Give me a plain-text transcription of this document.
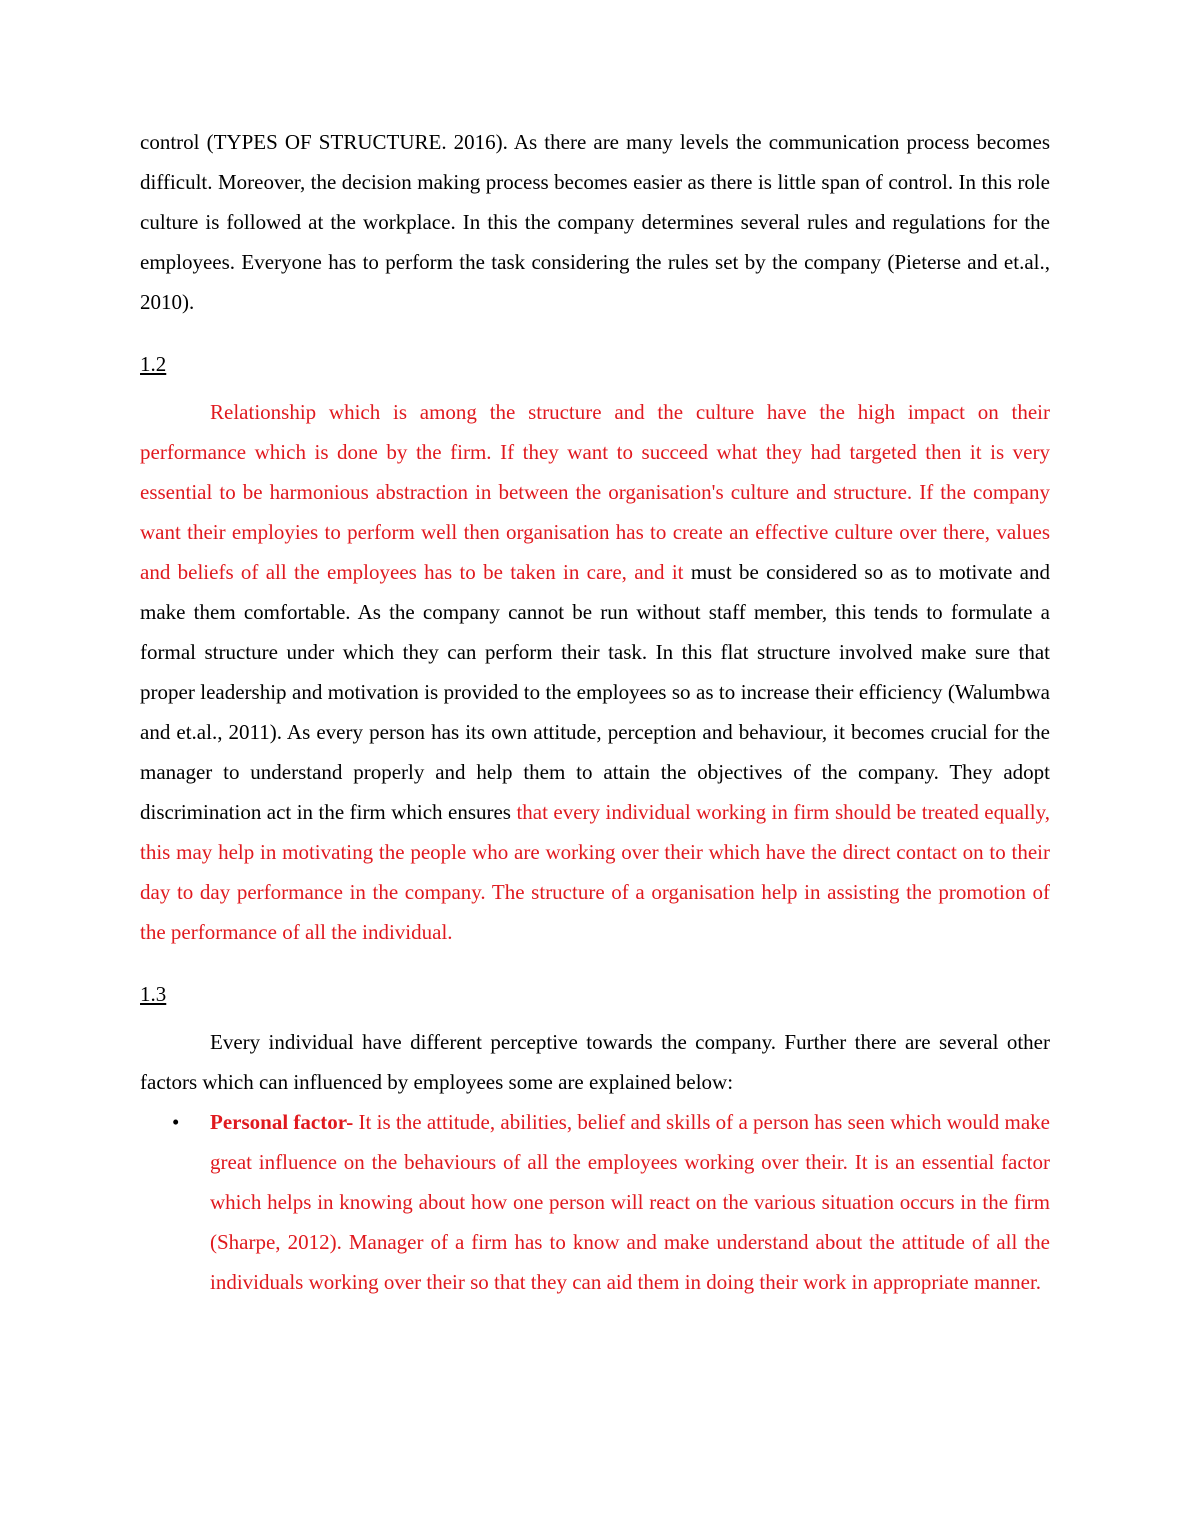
control (TYPES OF STRUCTURE. 2016). As there are many levels the communication process becomes difficult. Moreover, the decision making process becomes easier as there is little span of control. In this role culture is followed at the workplace. In this the company determines several rules and regulations for the employees. Everyone has to perform the task considering the rules set by the company (Pieterse and et.al., 2010).

1.2

Relationship which is among the structure and the culture have the high impact on their performance which is done by the firm. If they want to succeed what they had targeted then it is very essential to be harmonious abstraction in between the organisation's culture and structure. If the company want their employies to perform well then organisation has to create an effective culture over there, values and beliefs of all the employees has to be taken in care, and it must be considered so as to motivate and make them comfortable. As the company cannot be run without staff member, this tends to formulate a formal structure under which they can perform their task. In this flat structure involved make sure that proper leadership and motivation is provided to the employees so as to increase their efficiency (Walumbwa and et.al., 2011). As every person has its own attitude, perception and behaviour, it becomes crucial for the manager to understand properly and help them to attain the objectives of the company. They adopt discrimination act in the firm which ensures that every individual working in firm should be treated equally, this may help in motivating the people who are working over their which have the direct contact on to their day to day performance in the company. The structure of a organisation help in assisting the promotion of the performance of all the individual.

1.3

Every individual have different perceptive towards the company. Further there are several other factors which can influenced by employees some are explained below:

• Personal factor- It is the attitude, abilities, belief and skills of a person has seen which would make great influence on the behaviours of all the employees working over their. It is an essential factor which helps in knowing about how one person will react on the various situation occurs in the firm (Sharpe, 2012). Manager of a firm has to know and make understand about the attitude of all the individuals working over their so that they can aid them in doing their work in appropriate manner.
